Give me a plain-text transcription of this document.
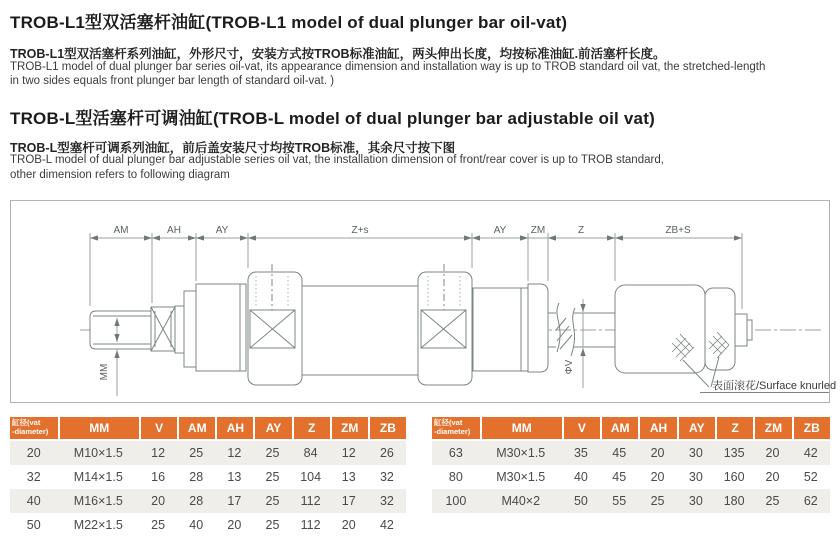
TROB-L1型双活塞杆油缸(TROB-L1 model of dual plunger bar oil-vat)
TROB-L1型双活塞杆系列油缸，外形尺寸，安装方式按TROB标准油缸，两头伸出长度，均按标准油缸.前活塞杆长度。
TROB-L1 model of dual plunger bar series oil-vat, its appearance dimension and installation way is up to TROB standard oil vat, the stretched-length
in two sides equals front plunger bar length of standard oil-vat. )
TROB-L型活塞杆可调油缸(TROB-L model of dual plunger bar adjustable oil vat)
TROB-L型塞杆可调系列油缸，前后盖安装尺寸均按TROB标准，其余尺寸按下图
TROB-L model of dual plunger bar adjustable series oil vat, the installation dimension of front/rear cover is up to TROB standard,
other dimension refers to following diagram
AM	AH	AY	Z+s	AY ZM	Z	ZB+S
MM	ΦV
表面滚花/Surface knurled
缸径(vat
-diameter)	MM	V	AM	AH	AY	Z	ZM	ZB
20	M10×1.5	12	25	12	25	84	12	26
32	M14×1.5	16	28	13	25	104	13	32
40	M16×1.5	20	28	17	25	112	17	32
50	M22×1.5	25	40	20	25	112	20	42
缸径(vat
-diameter)	MM	V	AM	AH	AY	Z	ZM	ZB
63	M30×1.5	35	45	20	30	135	20	42
80	M30×1.5	40	45	20	30	160	20	52
100	M40×2	50	55	25	30	180	25	62
